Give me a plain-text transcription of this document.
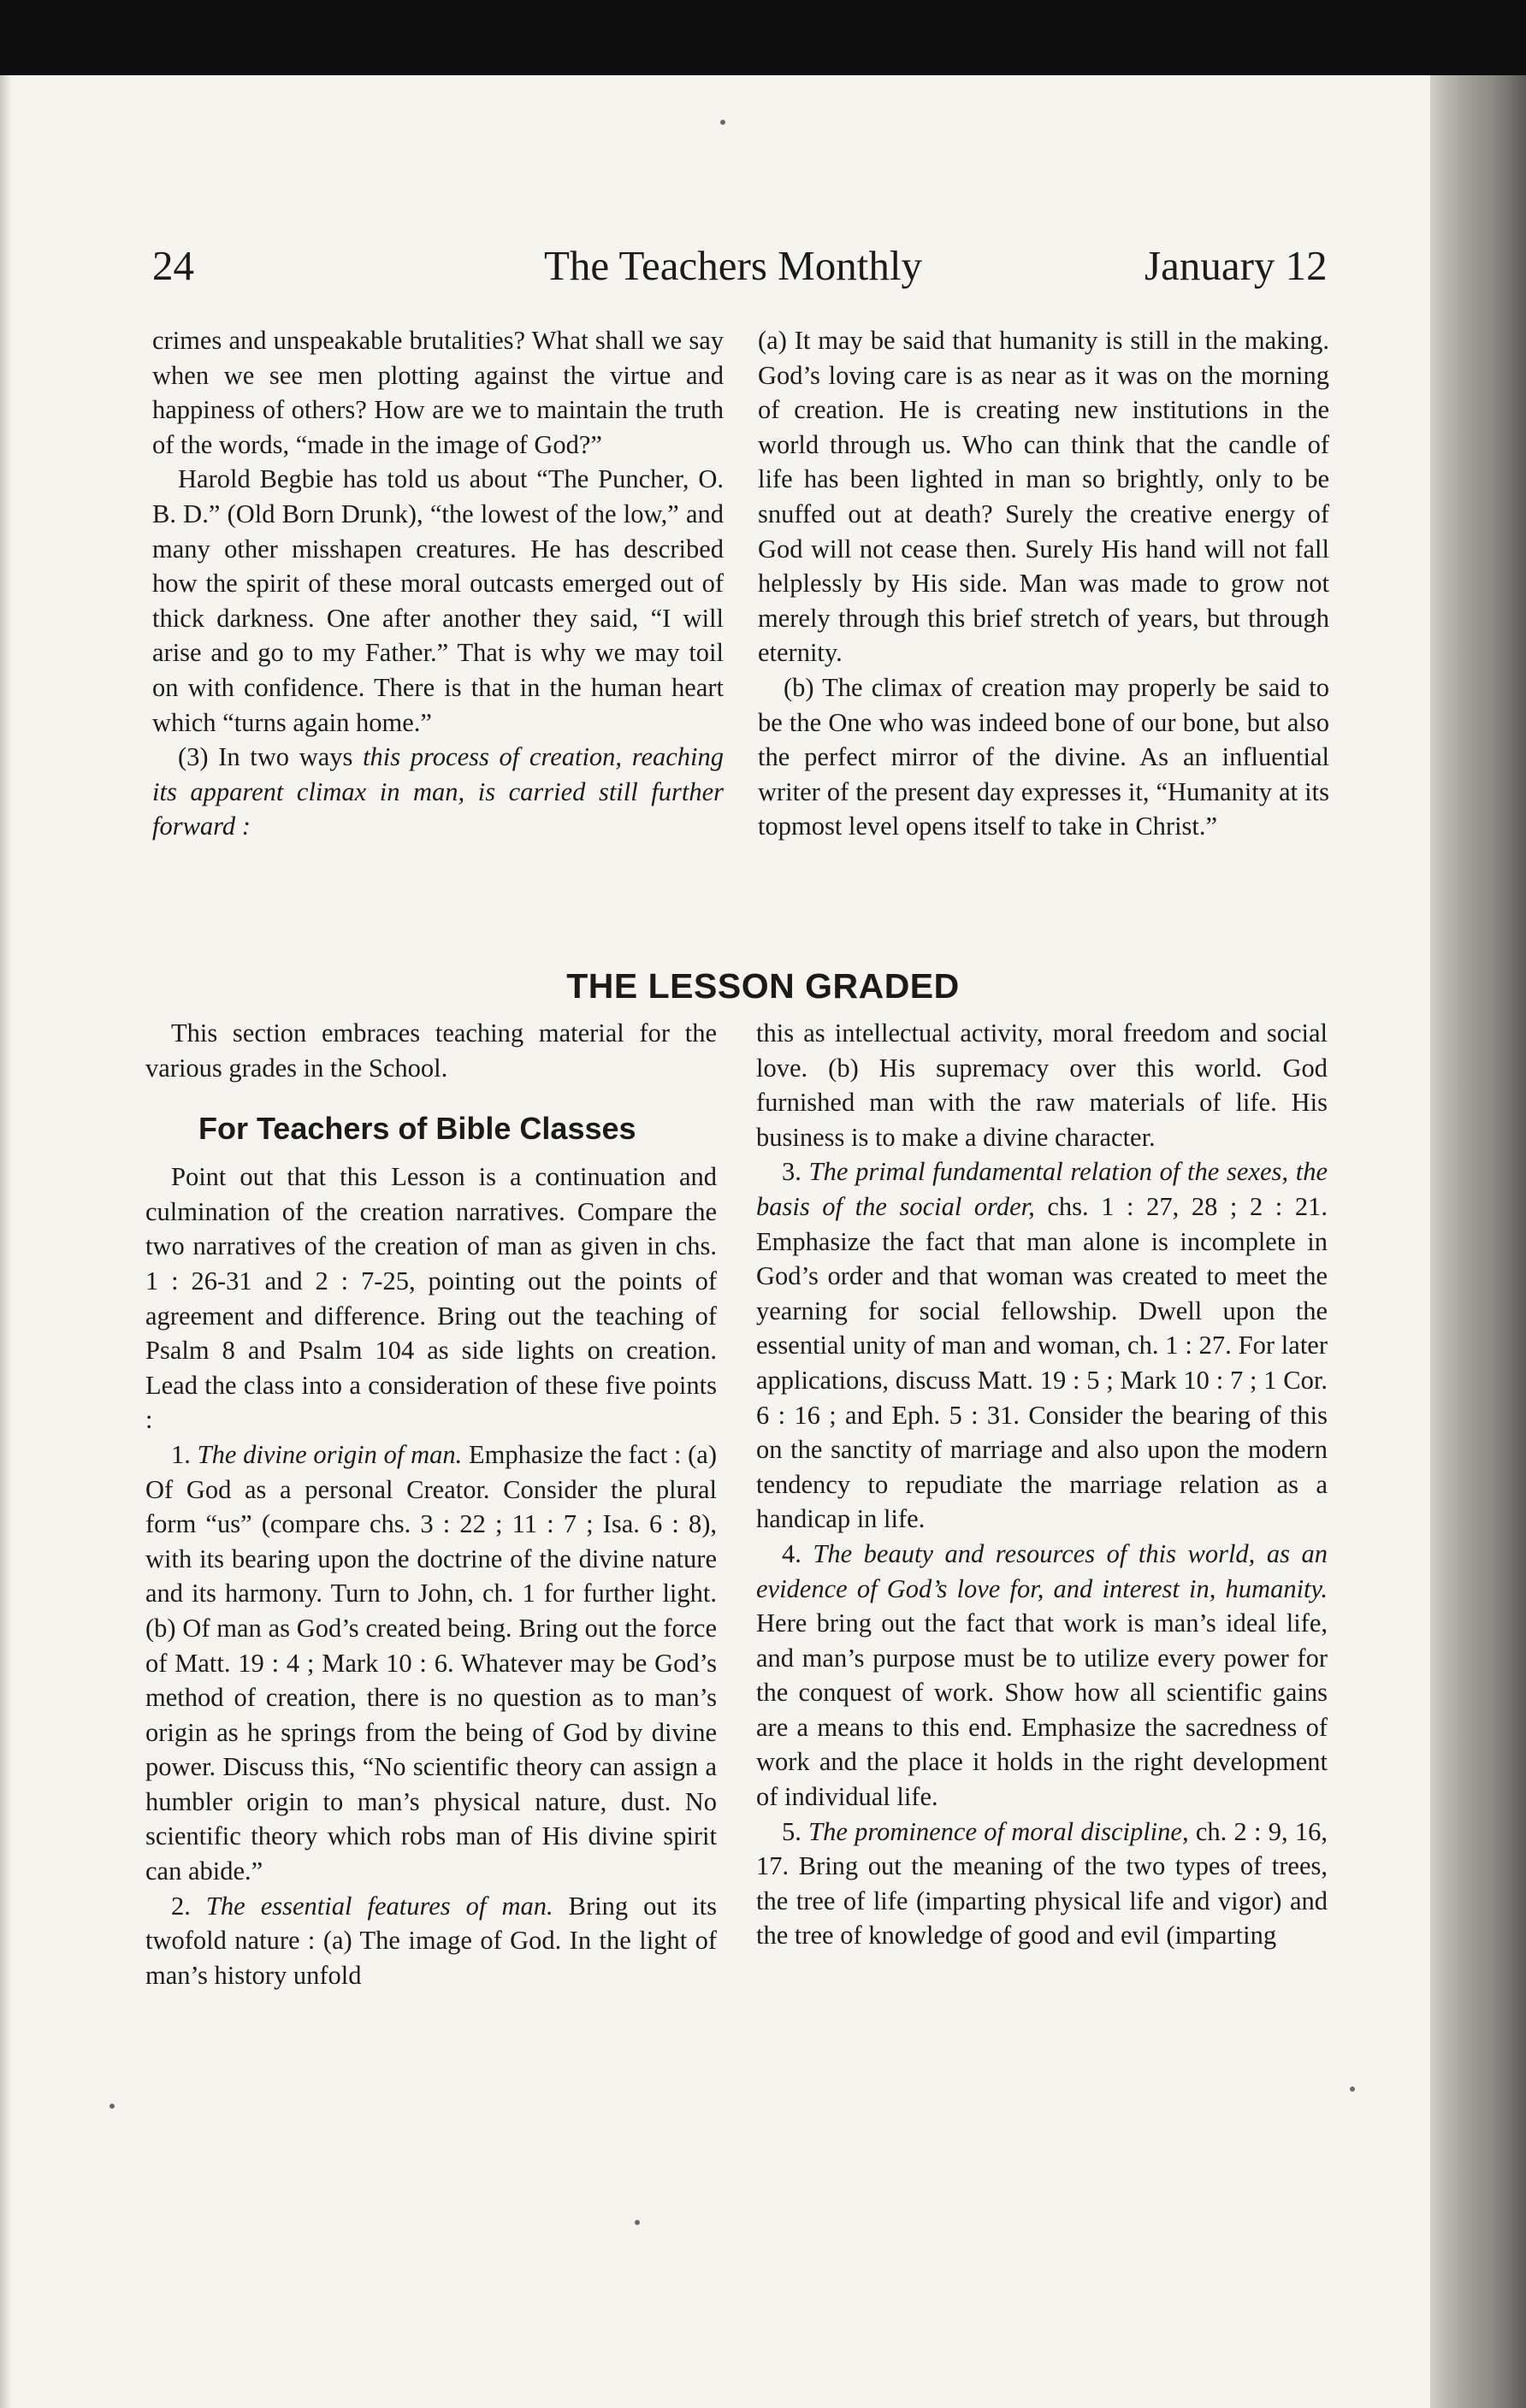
24	The Teachers Monthly	January 12

crimes and unspeakable brutalities? What shall we say when we see men plotting against the virtue and happiness of others? How are we to maintain the truth of the words, “made in the image of God?”

Harold Begbie has told us about “The Puncher, O. B. D.” (Old Born Drunk), “the lowest of the low,” and many other misshapen creatures. He has described how the spirit of these moral outcasts emerged out of thick darkness. One after another they said, “I will arise and go to my Father.” That is why we may toil on with confidence. There is that in the human heart which “turns again home.”

(3) In two ways this process of creation, reaching its apparent climax in man, is carried still further forward :

(a) It may be said that humanity is still in the making. God’s loving care is as near as it was on the morning of creation. He is creating new institutions in the world through us. Who can think that the candle of life has been lighted in man so brightly, only to be snuffed out at death? Surely the creative energy of God will not cease then. Surely His hand will not fall helplessly by His side. Man was made to grow not merely through this brief stretch of years, but through eternity.

(b) The climax of creation may properly be said to be the One who was indeed bone of our bone, but also the perfect mirror of the divine. As an influential writer of the present day expresses it, “Humanity at its topmost level opens itself to take in Christ.”

THE LESSON GRADED

This section embraces teaching material for the various grades in the School.

For Teachers of Bible Classes

Point out that this Lesson is a continuation and culmination of the creation narratives. Compare the two narratives of the creation of man as given in chs. 1 : 26-31 and 2 : 7-25, pointing out the points of agreement and difference. Bring out the teaching of Psalm 8 and Psalm 104 as side lights on creation. Lead the class into a consideration of these five points :

1. The divine origin of man. Emphasize the fact : (a) Of God as a personal Creator. Consider the plural form “us” (compare chs. 3 : 22 ; 11 : 7 ; Isa. 6 : 8), with its bearing upon the doctrine of the divine nature and its harmony. Turn to John, ch. 1 for further light. (b) Of man as God’s created being. Bring out the force of Matt. 19 : 4 ; Mark 10 : 6. Whatever may be God’s method of creation, there is no question as to man’s origin as he springs from the being of God by divine power. Discuss this, “No scientific theory can assign a humbler origin to man’s physical nature, dust. No scientific theory which robs man of His divine spirit can abide.”

2. The essential features of man. Bring out its twofold nature : (a) The image of God. In the light of man’s history unfold

this as intellectual activity, moral freedom and social love. (b) His supremacy over this world. God furnished man with the raw materials of life. His business is to make a divine character.

3. The primal fundamental relation of the sexes, the basis of the social order, chs. 1 : 27, 28 ; 2 : 21. Emphasize the fact that man alone is incomplete in God’s order and that woman was created to meet the yearning for social fellowship. Dwell upon the essential unity of man and woman, ch. 1 : 27. For later applications, discuss Matt. 19 : 5 ; Mark 10 : 7 ; 1 Cor. 6 : 16 ; and Eph. 5 : 31. Consider the bearing of this on the sanctity of marriage and also upon the modern tendency to repudiate the marriage relation as a handicap in life.

4. The beauty and resources of this world, as an evidence of God’s love for, and interest in, humanity. Here bring out the fact that work is man’s ideal life, and man’s purpose must be to utilize every power for the conquest of work. Show how all scientific gains are a means to this end. Emphasize the sacredness of work and the place it holds in the right development of individual life.

5. The prominence of moral discipline, ch. 2 : 9, 16, 17. Bring out the meaning of the two types of trees, the tree of life (imparting physical life and vigor) and the tree of knowledge of good and evil (imparting
